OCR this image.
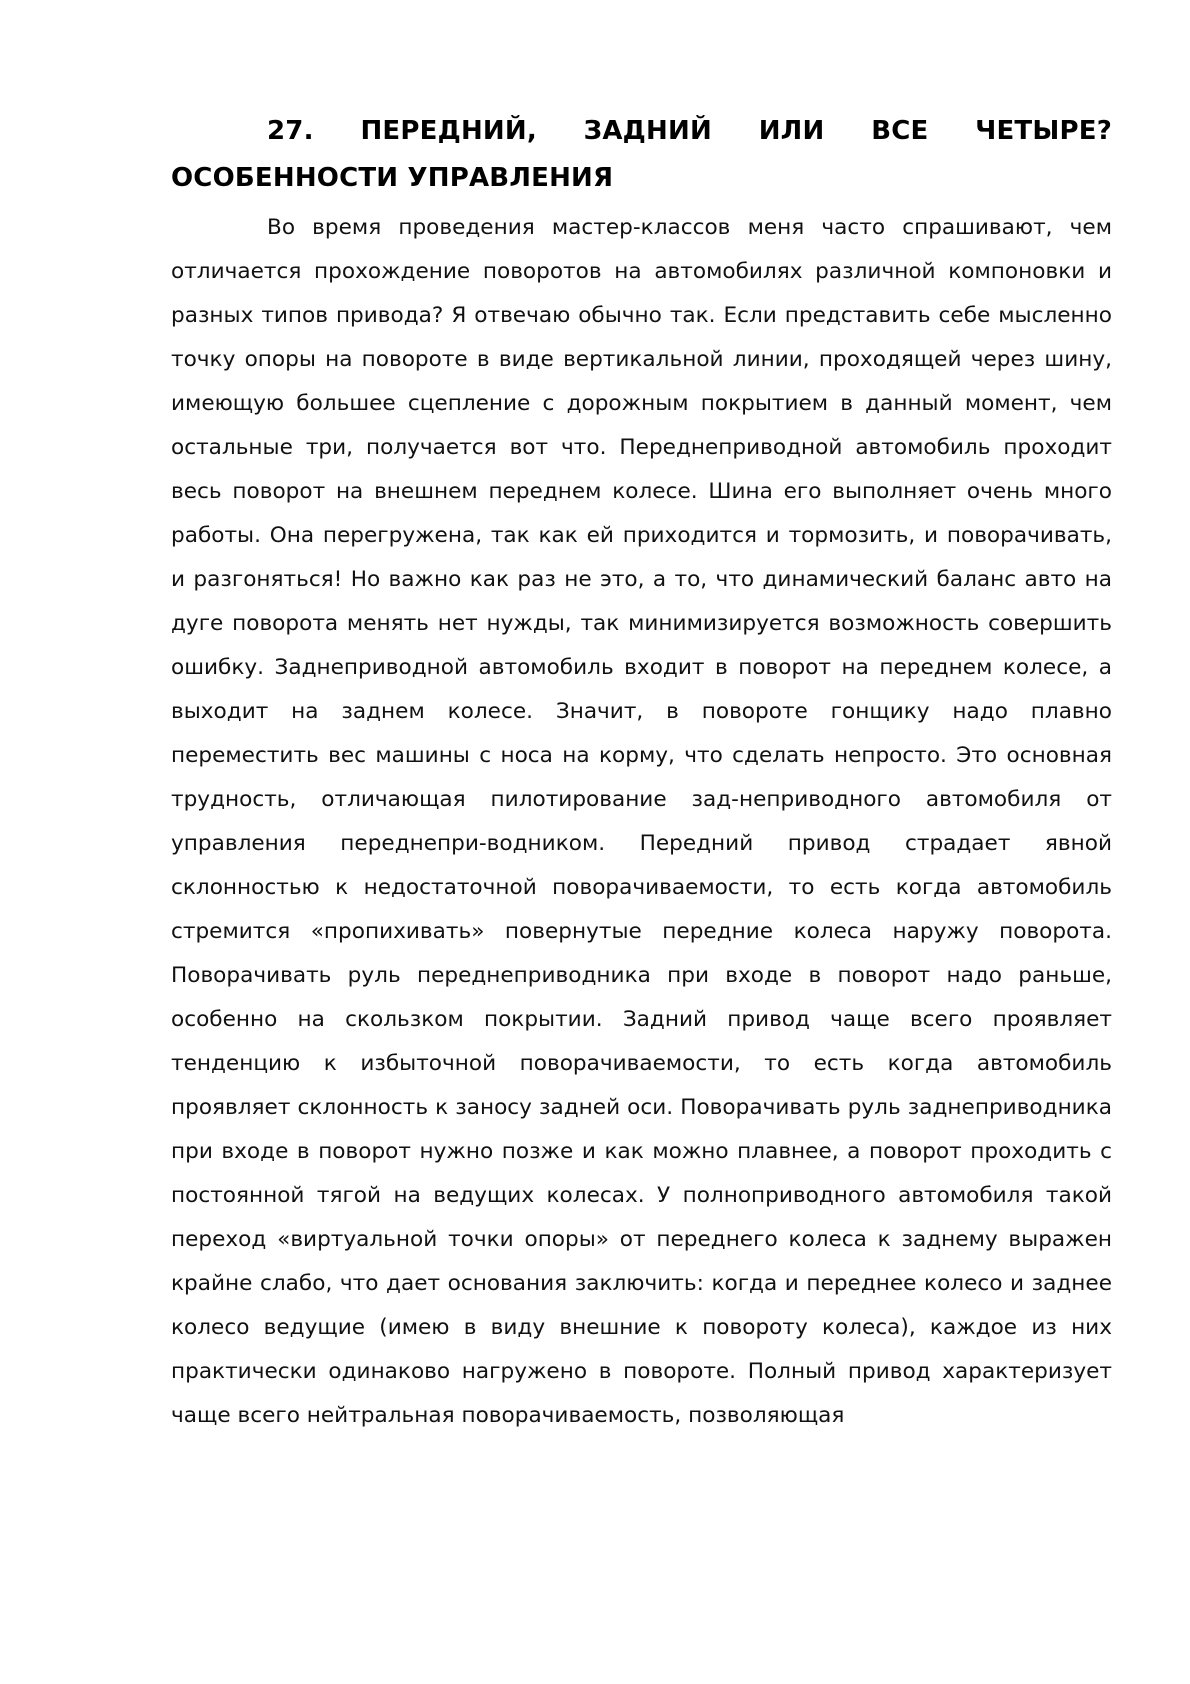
27. ПЕРЕДНИЙ, ЗАДНИЙ ИЛИ ВСЕ ЧЕТЫРЕ? ОСОБЕННОСТИ УПРАВЛЕНИЯ

Во время проведения мастер-классов меня часто спрашивают, чем отличается прохождение поворотов на автомобилях различной компоновки и разных типов привода? Я отвечаю обычно так. Если представить себе мысленно точку опоры на повороте в виде вертикальной линии, проходящей через шину, имеющую большее сцепление с дорожным покрытием в данный момент, чем остальные три, получается вот что. Переднеприводной автомобиль проходит весь поворот на внешнем переднем колесе. Шина его выполняет очень много работы. Она перегружена, так как ей приходится и тормозить, и поворачивать, и разгоняться! Но важно как раз не это, а то, что динамический баланс авто на дуге поворота менять нет нужды, так минимизируется возможность совершить ошибку. Заднеприводной автомобиль входит в поворот на переднем колесе, а выходит на заднем колесе. Значит, в повороте гонщику надо плавно переместить вес машины с носа на корму, что сделать непросто. Это основная трудность, отличающая пилотирование зад-неприводного автомобиля от управления переднепри-водником. Передний привод страдает явной склонностью к недостаточной поворачиваемости, то есть когда автомобиль стремится «пропихивать» повернутые передние колеса наружу поворота. Поворачивать руль переднеприводника при входе в поворот надо раньше, особенно на скользком покрытии. Задний привод чаще всего проявляет тенденцию к избыточной поворачиваемости, то есть когда автомобиль проявляет склонность к заносу задней оси. Поворачивать руль заднеприводника при входе в поворот нужно позже и как можно плавнее, а поворот проходить с постоянной тягой на ведущих колесах. У полноприводного автомобиля такой переход «виртуальной точки опоры» от переднего колеса к заднему выражен крайне слабо, что дает основания заключить: когда и переднее колесо и заднее колесо ведущие (имею в виду внешние к повороту колеса), каждое из них практически одинаково нагружено в повороте. Полный привод характеризует чаще всего нейтральная поворачиваемость, позволяющая
